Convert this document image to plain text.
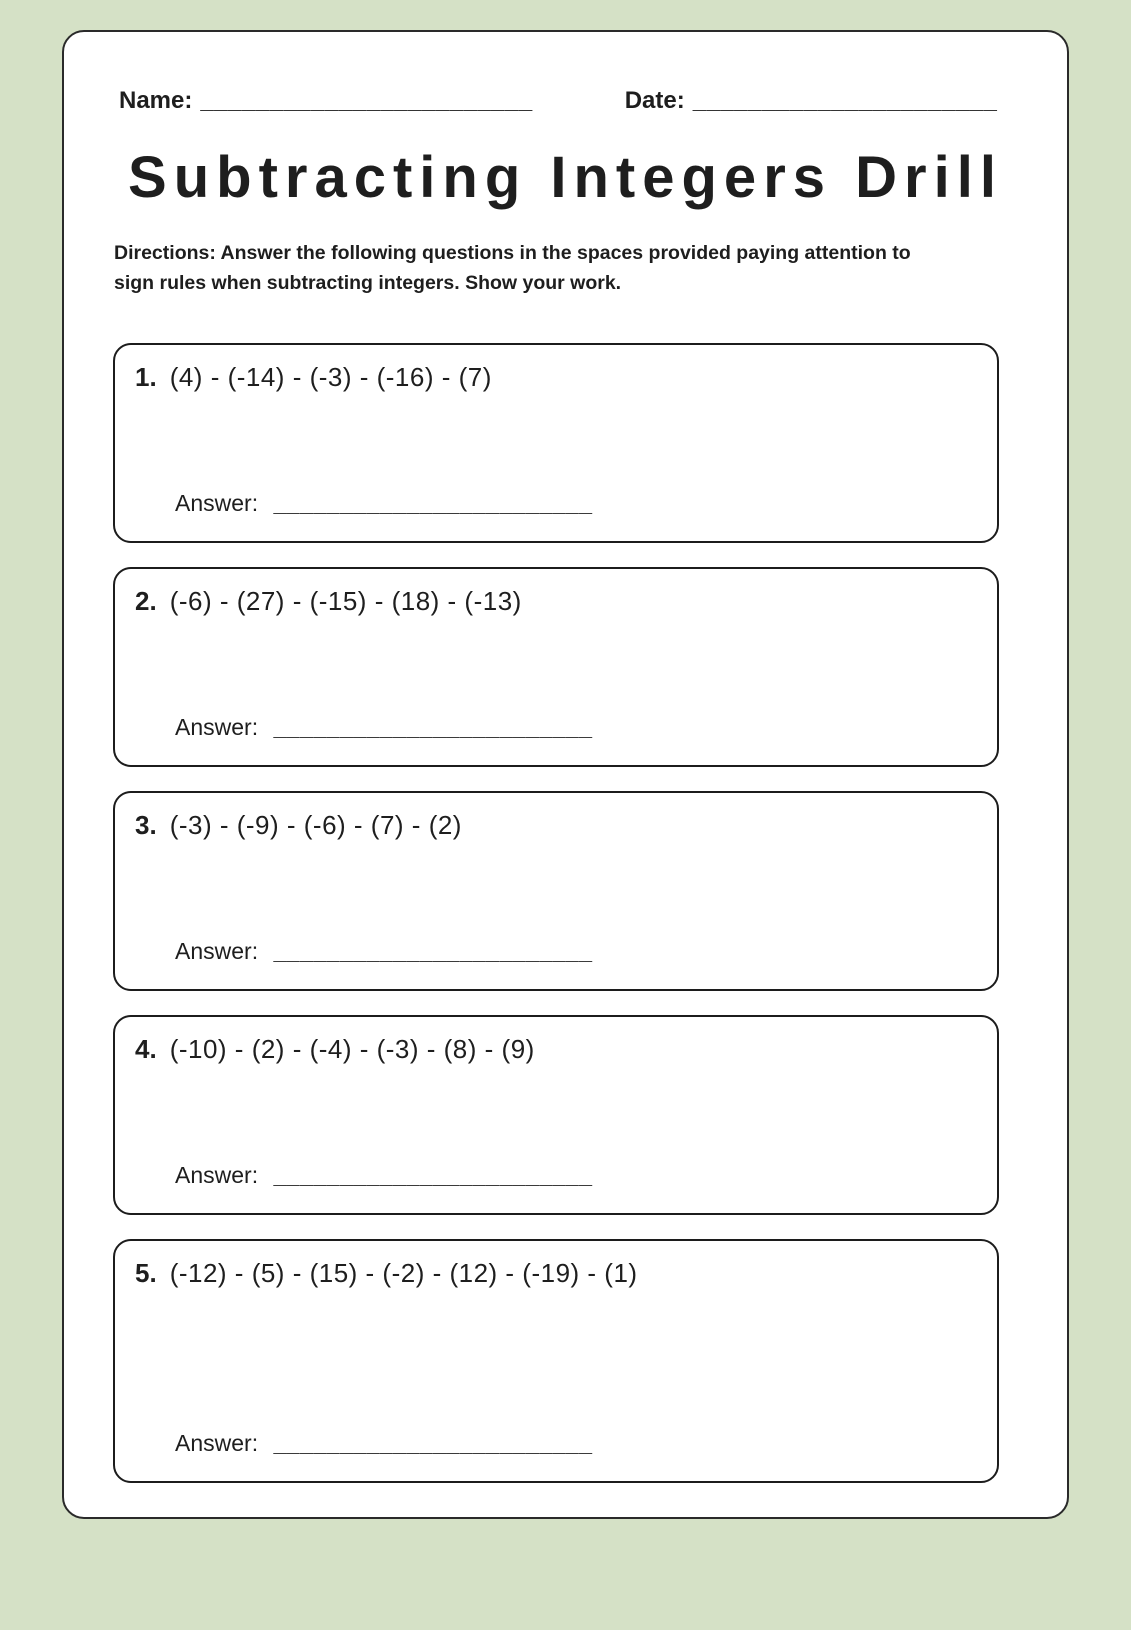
Name: ________________________	Date: ______________________
Subtracting Integers Drill
Directions: Answer the following questions in the spaces provided paying attention to sign rules when subtracting integers. Show your work.
1. (4) - (-14) - (-3) - (-16) - (7)
Answer: ________________________
2. (-6) - (27) - (-15) - (18) - (-13)
Answer: ________________________
3. (-3) - (-9) - (-6) - (7) - (2)
Answer: ________________________
4. (-10) - (2) - (-4) - (-3) - (8) - (9)
Answer: ________________________
5. (-12) - (5) - (15) - (-2) - (12) - (-19) - (1)
Answer: ________________________
